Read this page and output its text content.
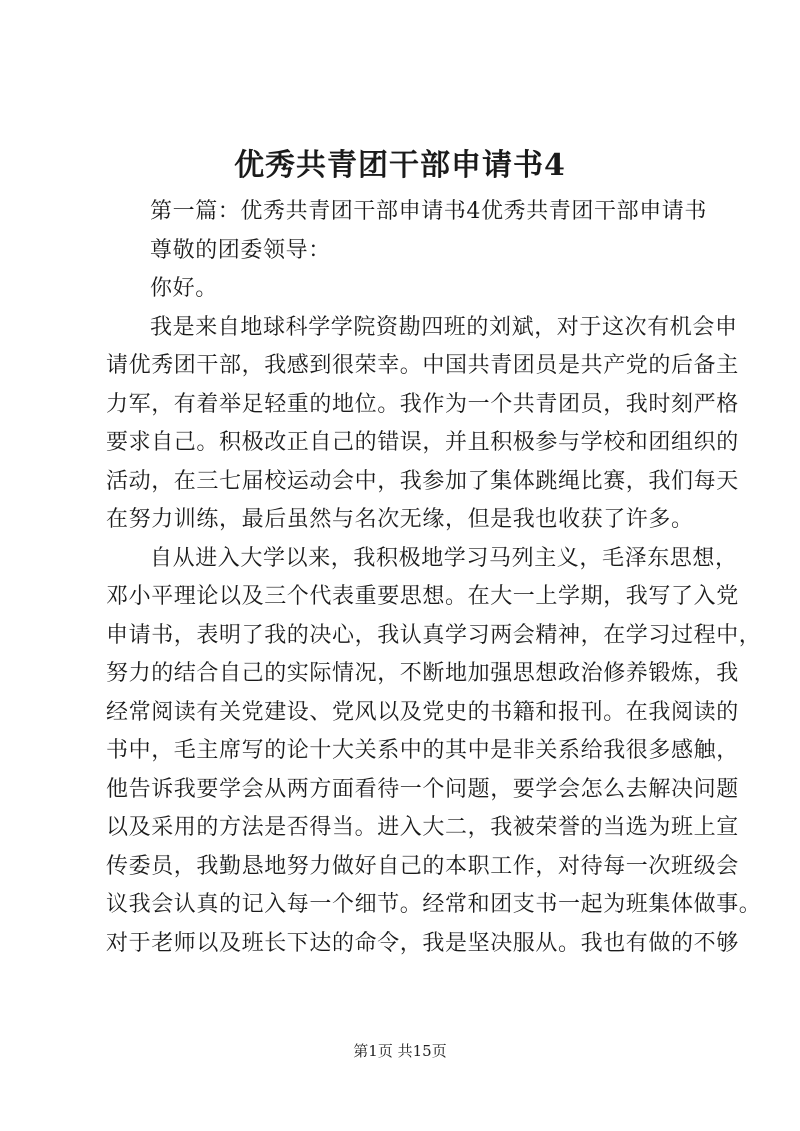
优秀共青团干部申请书4
第一篇：优秀共青团干部申请书4优秀共青团干部申请书
尊敬的团委领导：
你好。
我是来自地球科学学院资勘四班的刘斌，对于这次有机会申
请优秀团干部，我感到很荣幸。中国共青团员是共产党的后备主
力军，有着举足轻重的地位。我作为一个共青团员，我时刻严格
要求自己。积极改正自己的错误，并且积极参与学校和团组织的
活动，在三七届校运动会中，我参加了集体跳绳比赛，我们每天
在努力训练，最后虽然与名次无缘，但是我也收获了许多。
自从进入大学以来，我积极地学习马列主义，毛泽东思想，
邓小平理论以及三个代表重要思想。在大一上学期，我写了入党
申请书，表明了我的决心，我认真学习两会精神，在学习过程中，
努力的结合自己的实际情况，不断地加强思想政治修养锻炼，我
经常阅读有关党建设、党风以及党史的书籍和报刊。在我阅读的
书中，毛主席写的论十大关系中的其中是非关系给我很多感触，
他告诉我要学会从两方面看待一个问题，要学会怎么去解决问题
以及采用的方法是否得当。进入大二，我被荣誉的当选为班上宣
传委员，我勤恳地努力做好自己的本职工作，对待每一次班级会
议我会认真的记入每一个细节。经常和团支书一起为班集体做事。
对于老师以及班长下达的命令，我是坚决服从。我也有做的不够
第1页 共15页
